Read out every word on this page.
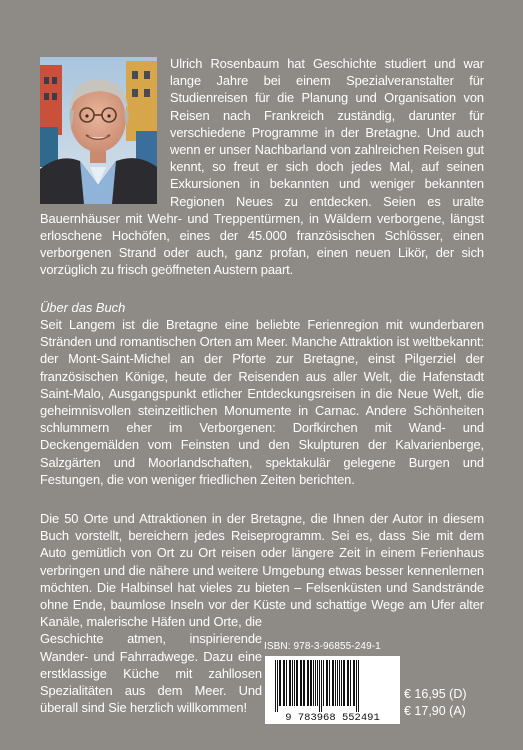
Ulrich Rosenbaum hat Geschichte studiert und war lange Jahre bei einem Spezialveranstalter für Studienreisen für die Planung und Organisation von Reisen nach Frankreich zuständig, darunter für verschiedene Programme in der Bretagne. Und auch wenn er unser Nachbarland von zahlreichen Reisen gut kennt, so freut er sich doch jedes Mal, auf seinen Exkursionen in bekannten und weniger bekannten Regionen Neues zu entdecken. Seien es uralte Bauernhäuser mit Wehr- und Treppentürmen, in Wäldern verborgene, längst erloschene Hochöfen, eines der 45.000 französischen Schlösser, einen verborgenen Strand oder auch, ganz profan, einen neuen Likör, der sich vorzüglich zu frisch geöffneten Austern paart.

Über das Buch

Seit Langem ist die Bretagne eine beliebte Ferienregion mit wunderbaren Stränden und romantischen Orten am Meer. Manche Attraktion ist weltbekannt: der Mont-Saint-Michel an der Pforte zur Bretagne, einst Pilgerziel der französischen Könige, heute der Reisenden aus aller Welt, die Hafenstadt Saint-Malo, Ausgangspunkt etlicher Entdeckungsreisen in die Neue Welt, die geheimnisvollen steinzeitlichen Monumente in Carnac. Andere Schönheiten schlummern eher im Verborgenen: Dorfkirchen mit Wand- und Deckengemälden vom Feinsten und den Skulpturen der Kalvarienberge, Salzgärten und Moorlandschaften, spektakulär gelegene Burgen und Festungen, die von weniger friedlichen Zeiten berichten.

Die 50 Orte und Attraktionen in der Bretagne, die Ihnen der Autor in diesem Buch vorstellt, bereichern jedes Reiseprogramm. Sei es, dass Sie mit dem Auto gemütlich von Ort zu Ort reisen oder längere Zeit in einem Ferienhaus verbringen und die nähere und weitere Umgebung etwas besser kennenlernen möchten. Die Halbinsel hat vieles zu bieten – Felsenküsten und Sandstrände ohne Ende, baumlose Inseln vor der Küste und schattige Wege am Ufer alter Kanäle, malerische Häfen und Orte, die Geschichte atmen, inspirierende Wander- und Fahrradwege. Dazu eine erstklassige Küche mit zahllosen Spezialitäten aus dem Meer. Und überall sind Sie herzlich willkommen!

ISBN: 978-3-96855-249-1
9 783968 552491
€ 16,95 (D)
€ 17,90 (A)
